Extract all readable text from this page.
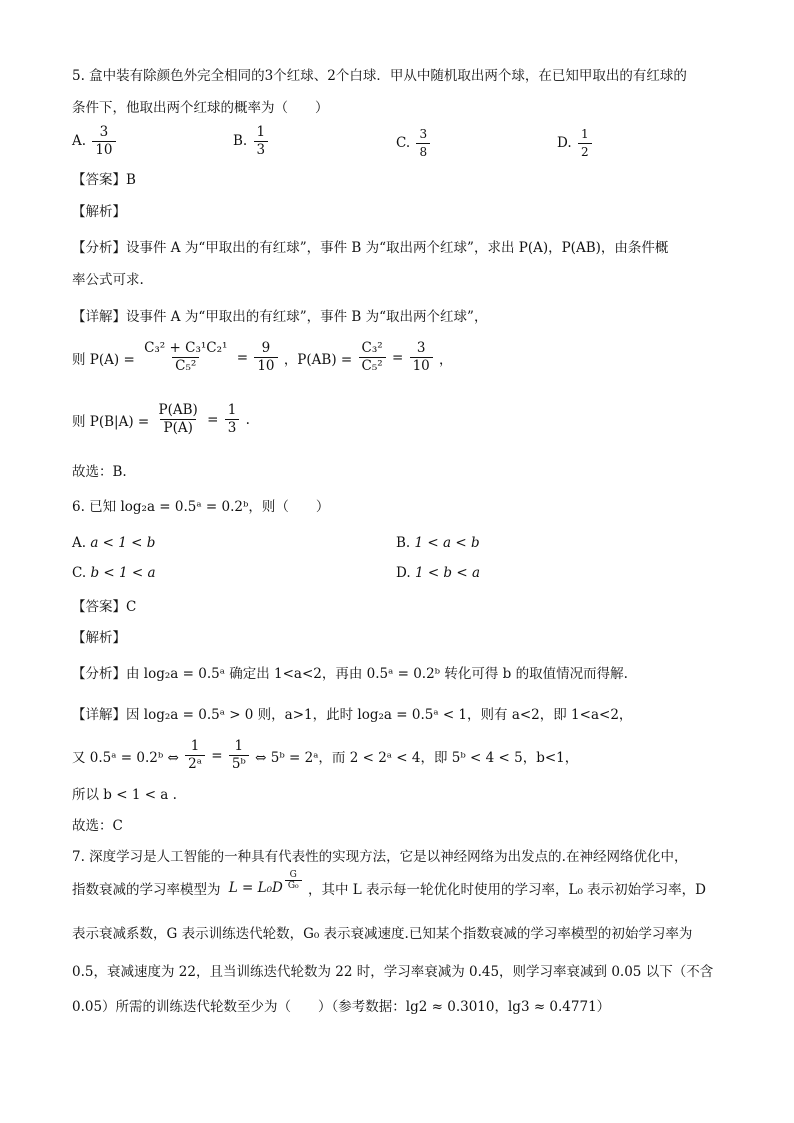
5. 盒中装有除颜色外完全相同的3个红球、2个白球．甲从中随机取出两个球，在已知甲取出的有红球的
条件下，他取出两个红球的概率为（　　）
A. $\frac{3}{10}$	B. $\frac{1}{3}$	C. $\frac{3}{8}$	D. $\frac{1}{2}$
【答案】B
【解析】
【分析】设事件 A 为“甲取出的有红球”，事件 B 为“取出两个红球”，求出 P(A)，P(AB)，由条件概
率公式可求.
【详解】设事件 A 为“甲取出的有红球”，事件 B 为“取出两个红球”，
则 $P(A) = \frac{\text{C₃² + C₃¹C₂¹}}{\text{C₅²}} = \frac{9}{10}$ ，$P(AB) = \frac{\text{C₃²}}{\text{C₅²}} = \frac{3}{10}$ ，
则 $P(B|A) = \frac{P(AB)}{P(A)} = \frac{1}{3}$ .
故选：B.
6. 已知 log₂a = 0.5ᵃ = 0.2ᵇ，则（　　）
A. a < 1 < b	B. 1 < a < b
C. b < 1 < a	D. 1 < b < a
【答案】C
【解析】
【分析】由 log₂a = 0.5ᵃ 确定出 1<a<2，再由 0.5ᵃ = 0.2ᵇ 转化可得 b 的取值情况而得解.
【详解】因 log₂a = 0.5ᵃ > 0 则，a>1，此时 log₂a = 0.5ᵃ < 1，则有 a<2，即 1<a<2，
又 0.5ᵃ = 0.2ᵇ ⇔ $\frac{1}{\text{2ᵃ}} = \frac{1}{\text{5ᵇ}}$ ⇔ 5ᵇ = 2ᵃ，而 2 < 2ᵃ < 4，即 5ᵇ < 4 < 5，b<1，
所以 b < 1 < a .
故选：C
7. 深度学习是人工智能的一种具有代表性的实现方法，它是以神经网络为出发点的.在神经网络优化中，
指数衰减的学习率模型为 $L = L_0D \frac{G}{\text{G₀}}$ ，其中 L 表示每一轮优化时使用的学习率，L₀ 表示初始学习率，D
表示衰减系数，G 表示训练迭代轮数，G₀ 表示衰减速度.已知某个指数衰减的学习率模型的初始学习率为
0.5，衰减速度为 22，且当训练迭代轮数为 22 时，学习率衰减为 0.45，则学习率衰减到 0.05 以下（不含
0.05）所需的训练迭代轮数至少为（　　）（参考数据：lg2 ≈ 0.3010，lg3 ≈ 0.4771）
